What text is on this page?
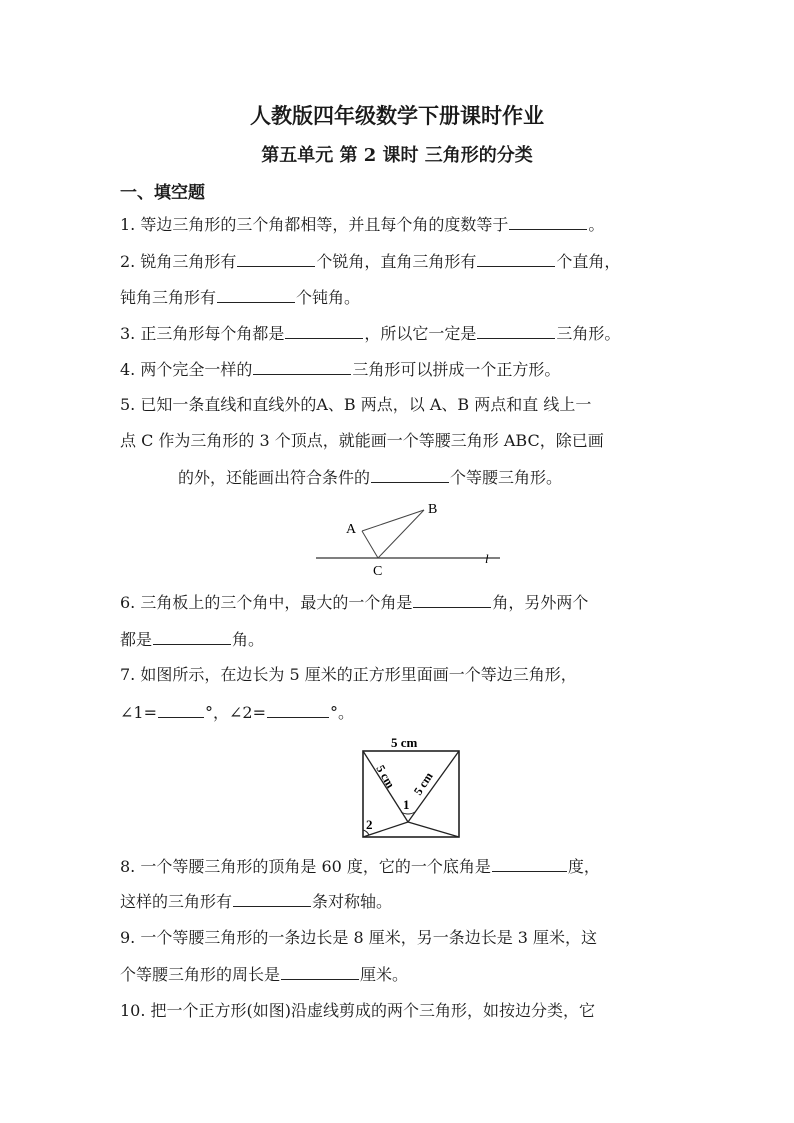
人教版四年级数学下册课时作业
第五单元 第 2 课时 三角形的分类
一、填空题
1. 等边三角形的三个角都相等，并且每个角的度数等于	。
2. 锐角三角形有	个锐角，直角三角形有	个直角，
钝角三角形有	个钝角。
3. 正三角形每个角都是	，所以它一定是	三角形。
4. 两个完全一样的	三角形可以拼成一个正方形。
5. 已知一条直线和直线外的A、B 两点，以 A、B 两点和直 线上一
点 C 作为三角形的 3 个顶点，就能画一个等腰三角形 ABC，除已画
的外，还能画出符合条件的	个等腰三角形。
A
B
C
l
6. 三角板上的三个角中，最大的一个角是	角，另外两个
都是	角。
7. 如图所示，在边长为 5 厘米的正方形里面画一个等边三角形，
∠1=	°，∠2=	°。
5 cm
5 cm 5 cm
1
2
8. 一个等腰三角形的顶角是 60 度，它的一个底角是	度，
这样的三角形有	条对称轴。
9. 一个等腰三角形的一条边长是 8 厘米，另一条边长是 3 厘米，这
个等腰三角形的周长是	厘米。
10. 把一个正方形(如图)沿虚线剪成的两个三角形，如按边分类，它
